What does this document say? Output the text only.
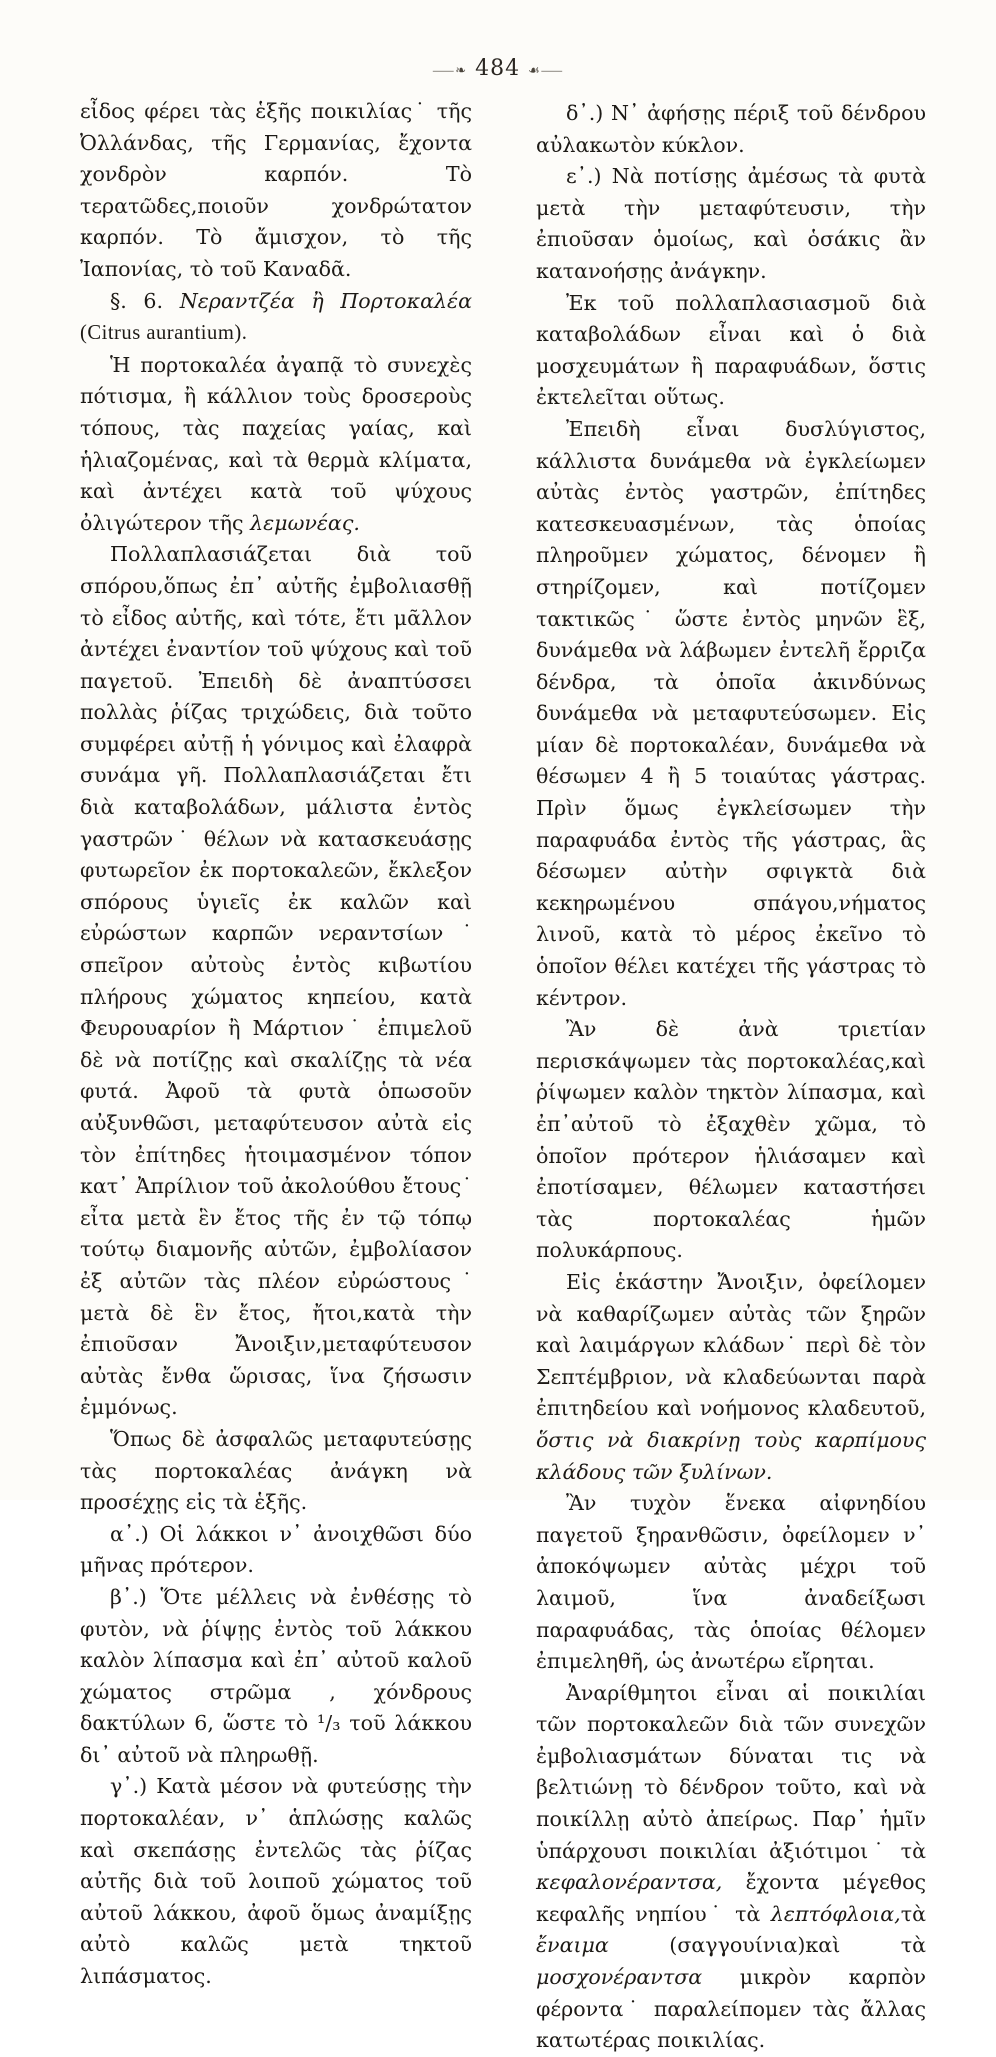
⸺❧ 484 ☙⸺

εἶδος φέρει τὰς ἑξῆς ποικιλίας˙ τῆς Ὀλλάνδας, τῆς Γερμανίας, ἔχοντα χονδρὸν καρπόν. Τὸ τερατῶδες,ποιοῦν χονδρώτατον καρπόν. Τὸ ἄμισχον, τὸ τῆς Ἰαπονίας, τὸ τοῦ Καναδᾶ.

§. 6. Νεραντζέα ἢ Πορτοκαλέα (Citrus aurantium).

Ἡ πορτοκαλέα ἀγαπᾷ τὸ συνεχὲς πότισμα, ἢ κάλλιον τοὺς δροσεροὺς τόπους, τὰς παχείας γαίας, καὶ ἡλιαζομένας, καὶ τὰ θερμὰ κλίματα, καὶ ἀντέχει κατὰ τοῦ ψύχους ὀλιγώτερον τῆς λεμωνέας.

Πολλαπλασιάζεται διὰ τοῦ σπόρου,ὅπως ἐπ᾽ αὐτῆς ἐμβολιασθῇ τὸ εἶδος αὐτῆς, καὶ τότε, ἔτι μᾶλλον ἀντέχει ἐναντίον τοῦ ψύχους καὶ τοῦ παγετοῦ. Ἐπειδὴ δὲ ἀναπτύσσει πολλὰς ῥίζας τριχώδεις, διὰ τοῦτο συμφέρει αὐτῇ ἡ γόνιμος καὶ ἐλαφρὰ συνάμα γῆ. Πολλαπλασιάζεται ἔτι διὰ καταβολάδων, μάλιστα ἐντὸς γαστρῶν˙ θέλων νὰ κατασκευάσῃς φυτωρεῖον ἐκ πορτοκαλεῶν, ἔκλεξον σπόρους ὑγιεῖς ἐκ καλῶν καὶ εὐρώστων καρπῶν νεραντσίων˙ σπεῖρον αὐτοὺς ἐντὸς κιβωτίου πλήρους χώματος κηπείου, κατὰ Φευρουαρίον ἢ Μάρτιον˙ ἐπιμελοῦ δὲ νὰ ποτίζῃς καὶ σκαλίζῃς τὰ νέα φυτά. Ἀφοῦ τὰ φυτὰ ὁπωσοῦν αὐξυνθῶσι, μεταφύτευσον αὐτὰ εἰς τὸν ἐπίτηδες ἡτοιμασμένον τόπον κατ᾽ Ἀπρίλιον τοῦ ἀκολούθου ἔτους˙ εἶτα μετὰ ἓν ἔτος τῆς ἐν τῷ τόπῳ τούτῳ διαμονῆς αὐτῶν, ἐμβολίασον ἐξ αὐτῶν τὰς πλέον εὐρώστους˙ μετὰ δὲ ἓν ἔτος, ἤτοι,κατὰ τὴν ἐπιοῦσαν Ἄνοιξιν,μεταφύτευσον αὐτὰς ἔνθα ὥρισας, ἵνα ζήσωσιν ἐμμόνως.

Ὅπως δὲ ἀσφαλῶς μεταφυτεύσῃς τὰς πορτοκαλέας ἀνάγκη νὰ προσέχῃς εἰς τὰ ἑξῆς.

α᾽.) Οἱ λάκκοι ν᾽ ἀνοιχθῶσι δύο μῆνας πρότερον.

β᾽.) Ὅτε μέλλεις νὰ ἐνθέσῃς τὸ φυτὸν, νὰ ῥίψῃς ἐντὸς τοῦ λάκκου καλὸν λίπασμα καὶ ἐπ᾽ αὐτοῦ καλοῦ χώματος στρῶμα , χόνδρους δακτύλων 6, ὥστε τὸ ¹/₃ τοῦ λάκκου δι᾽ αὐτοῦ νὰ πληρωθῇ.

γ᾽.) Κατὰ μέσον νὰ φυτεύσῃς τὴν πορτοκαλέαν, ν᾽ ἁπλώσῃς καλῶς καὶ σκεπάσῃς ἐντελῶς τὰς ῥίζας αὐτῆς διὰ τοῦ λοιποῦ χώματος τοῦ αὐτοῦ λάκκου, ἀφοῦ ὅμως ἀναμίξῃς αὐτὸ καλῶς μετὰ τηκτοῦ λιπάσματος.

δ᾽.) Ν᾽ ἀφήσῃς πέριξ τοῦ δένδρου αὐλακωτὸν κύκλον.

ε᾽.) Νὰ ποτίσῃς ἀμέσως τὰ φυτὰ μετὰ τὴν μεταφύτευσιν, τὴν ἐπιοῦσαν ὁμοίως, καὶ ὁσάκις ἂν κατανοήσῃς ἀνάγκην.

Ἐκ τοῦ πολλαπλασιασμοῦ διὰ καταβολάδων εἶναι καὶ ὁ διὰ μοσχευμάτων ἢ παραφυάδων, ὅστις ἐκτελεῖται οὕτως.

Ἐπειδὴ εἶναι δυσλύγιστος, κάλλιστα δυνάμεθα νὰ ἐγκλείωμεν αὐτὰς ἐντὸς γαστρῶν, ἐπίτηδες κατεσκευασμένων, τὰς ὁποίας πληροῦμεν χώματος, δένομεν ἢ στηρίζομεν, καὶ ποτίζομεν τακτικῶς˙ ὥστε ἐντὸς μηνῶν ἓξ, δυνάμεθα νὰ λάβωμεν ἐντελῆ ἔρριζα δένδρα, τὰ ὁποῖα ἀκινδύνως δυνάμεθα νὰ μεταφυτεύσωμεν. Εἰς μίαν δὲ πορτοκαλέαν, δυνάμεθα νὰ θέσωμεν 4 ἢ 5 τοιαύτας γάστρας. Πρὶν ὅμως ἐγκλείσωμεν τὴν παραφυάδα ἐντὸς τῆς γάστρας, ἃς δέσωμεν αὐτὴν σφιγκτὰ διὰ κεκηρωμένου σπάγου,νήματος λινοῦ, κατὰ τὸ μέρος ἐκεῖνο τὸ ὁποῖον θέλει κατέχει τῆς γάστρας τὸ κέντρον.

Ἂν δὲ ἀνὰ τριετίαν περισκάψωμεν τὰς πορτοκαλέας,καὶ ῥίψωμεν καλὸν τηκτὸν λίπασμα, καὶ ἐπ᾽αὐτοῦ τὸ ἐξαχθὲν χῶμα, τὸ ὁποῖον πρότερον ἡλιάσαμεν καὶ ἐποτίσαμεν, θέλωμεν καταστήσει τὰς πορτοκαλέας ἡμῶν πολυκάρπους.

Εἰς ἑκάστην Ἄνοιξιν, ὀφείλομεν νὰ καθαρίζωμεν αὐτὰς τῶν ξηρῶν καὶ λαιμάργων κλάδων˙ περὶ δὲ τὸν Σεπτέμβριον, νὰ κλαδεύωνται παρὰ ἐπιτηδείου καὶ νοήμονος κλαδευτοῦ, ὅστις νὰ διακρίνῃ τοὺς καρπίμους κλάδους τῶν ξυλίνων.

Ἂν τυχὸν ἕνεκα αἰφνηδίου παγετοῦ ξηρανθῶσιν, ὀφείλομεν ν᾽ ἀποκόψωμεν αὐτὰς μέχρι τοῦ λαιμοῦ, ἵνα ἀναδείξωσι παραφυάδας, τὰς ὁποίας θέλομεν ἐπιμεληθῆ, ὡς ἀνωτέρω εἴρηται.

Ἀναρίθμητοι εἶναι αἱ ποικιλίαι τῶν πορτοκαλεῶν διὰ τῶν συνεχῶν ἐμβολιασμάτων δύναται τις νὰ βελτιώνῃ τὸ δένδρον τοῦτο, καὶ νὰ ποικίλλῃ αὐτὸ ἀπείρως. Παρ᾽ ἡμῖν ὑπάρχουσι ποικιλίαι ἀξιότιμοι˙ τὰ κεφαλονέραντσα, ἔχοντα μέγεθος κεφαλῆς νηπίου˙ τὰ λεπτόφλοια,τὰ ἔναιμα	(σαγγουίνια)καὶ τὰ μοσχονέραντσα μικρὸν καρπὸν φέροντα˙ παραλείπομεν τὰς ἄλλας κατωτέρας ποικιλίας.
